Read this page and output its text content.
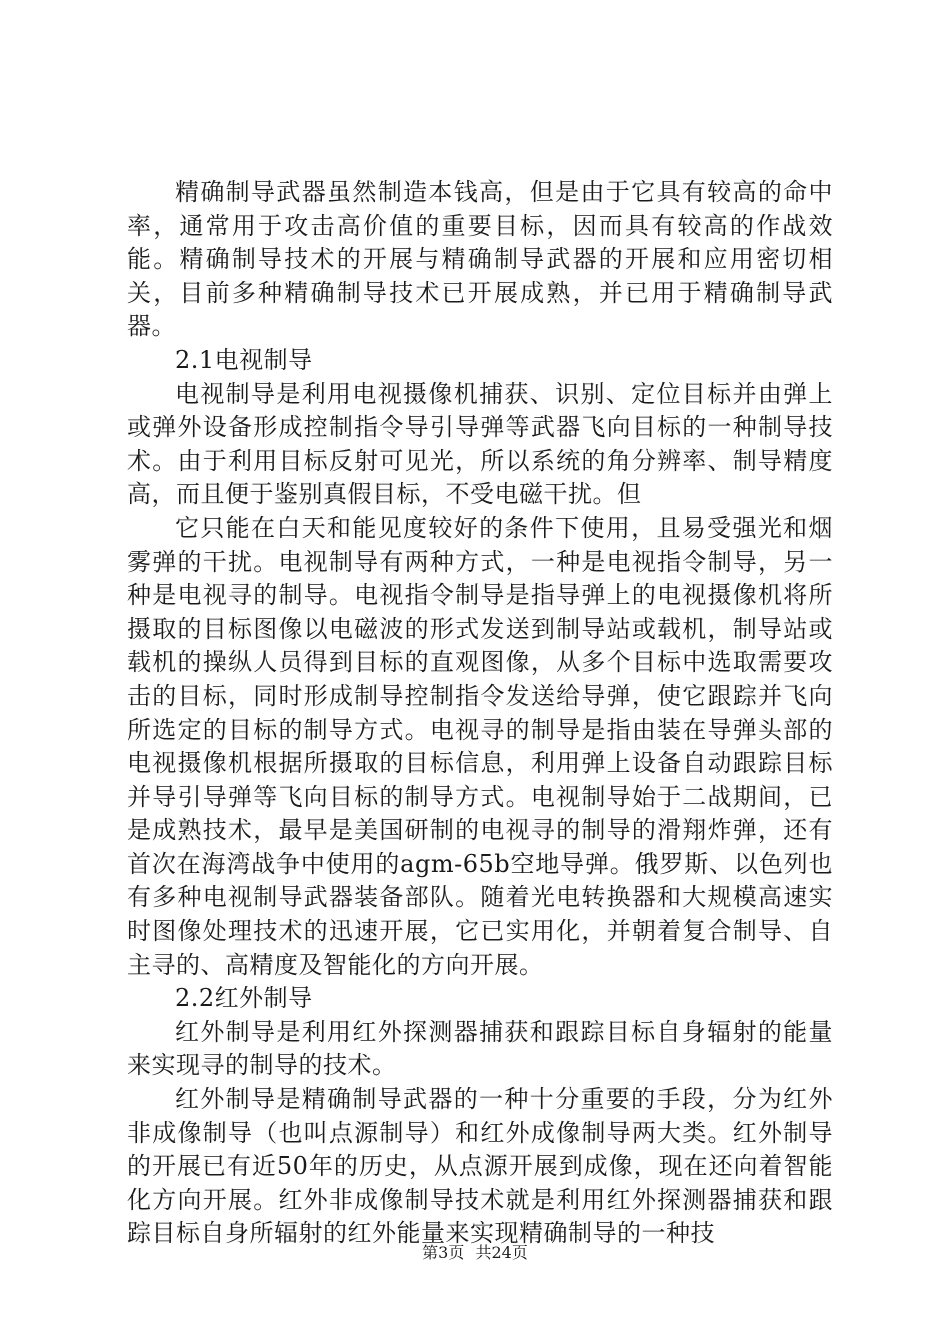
精确制导武器虽然制造本钱高，但是由于它具有较高的命中率，通常用于攻击高价值的重要目标，因而具有较高的作战效能。精确制导技术的开展与精确制导武器的开展和应用密切相关，目前多种精确制导技术已开展成熟，并已用于精确制导武器。

2.1电视制导

电视制导是利用电视摄像机捕获、识别、定位目标并由弹上或弹外设备形成控制指令导引导弹等武器飞向目标的一种制导技术。由于利用目标反射可见光，所以系统的角分辨率、制导精度高，而且便于鉴别真假目标，不受电磁干扰。但

它只能在白天和能见度较好的条件下使用，且易受强光和烟雾弹的干扰。电视制导有两种方式，一种是电视指令制导，另一种是电视寻的制导。电视指令制导是指导弹上的电视摄像机将所摄取的目标图像以电磁波的形式发送到制导站或载机，制导站或载机的操纵人员得到目标的直观图像，从多个目标中选取需要攻击的目标，同时形成制导控制指令发送给导弹，使它跟踪并飞向所选定的目标的制导方式。电视寻的制导是指由装在导弹头部的电视摄像机根据所摄取的目标信息，利用弹上设备自动跟踪目标并导引导弹等飞向目标的制导方式。电视制导始于二战期间，已是成熟技术，最早是美国研制的电视寻的制导的滑翔炸弹，还有首次在海湾战争中使用的agm-65b空地导弹。俄罗斯、以色列也有多种电视制导武器装备部队。随着光电转换器和大规模高速实时图像处理技术的迅速开展，它已实用化，并朝着复合制导、自主寻的、高精度及智能化的方向开展。

2.2红外制导

红外制导是利用红外探测器捕获和跟踪目标自身辐射的能量来实现寻的制导的技术。

红外制导是精确制导武器的一种十分重要的手段，分为红外非成像制导（也叫点源制导）和红外成像制导两大类。红外制导的开展已有近50年的历史，从点源开展到成像，现在还向着智能化方向开展。红外非成像制导技术就是利用红外探测器捕获和跟踪目标自身所辐射的红外能量来实现精确制导的一种技

第3页 共24页
